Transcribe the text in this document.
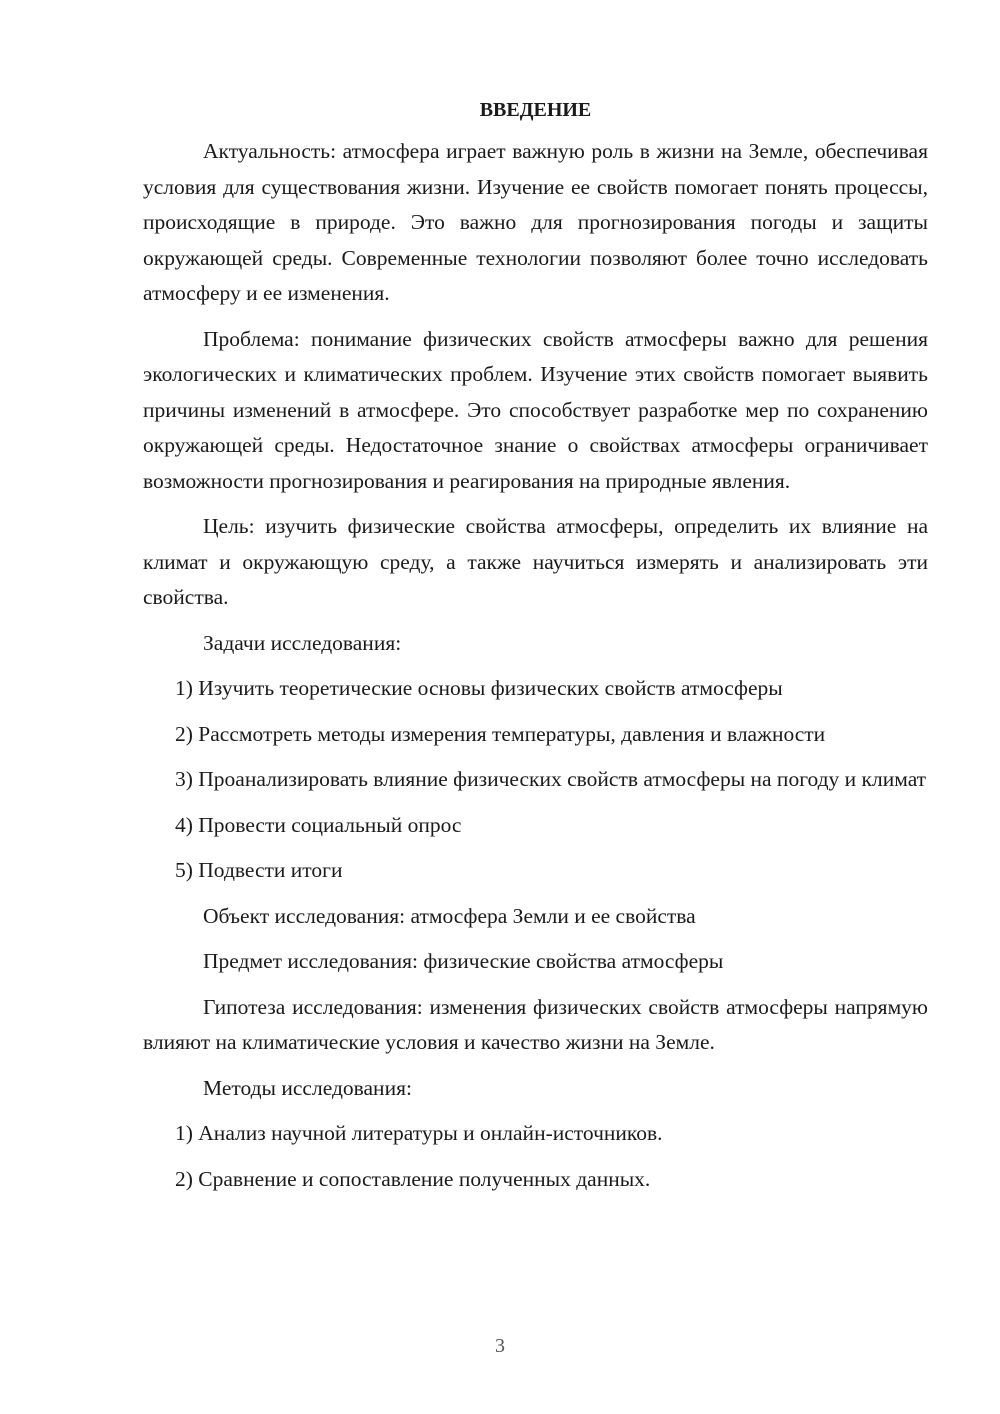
ВВЕДЕНИЕ
Актуальность: атмосфера играет важную роль в жизни на Земле, обеспечивая условия для существования жизни. Изучение ее свойств помогает понять процессы, происходящие в природе. Это важно для прогнозирования погоды и защиты окружающей среды. Современные технологии позволяют более точно исследовать атмосферу и ее изменения.
Проблема: понимание физических свойств атмосферы важно для решения экологических и климатических проблем. Изучение этих свойств помогает выявить причины изменений в атмосфере. Это способствует разработке мер по сохранению окружающей среды. Недостаточное знание о свойствах атмосферы ограничивает возможности прогнозирования и реагирования на природные явления.
Цель: изучить физические свойства атмосферы, определить их влияние на климат и окружающую среду, а также научиться измерять и анализировать эти свойства.
Задачи исследования:
1) Изучить теоретические основы физических свойств атмосферы
2) Рассмотреть методы измерения температуры, давления и влажности
3) Проанализировать влияние физических свойств атмосферы на погоду и климат
4) Провести социальный опрос
5) Подвести итоги
Объект исследования: атмосфера Земли и ее свойства
Предмет исследования: физические свойства атмосферы
Гипотеза исследования: изменения физических свойств атмосферы напрямую влияют на климатические условия и качество жизни на Земле.
Методы исследования:
1) Анализ научной литературы и онлайн-источников.
2) Сравнение и сопоставление полученных данных.
3
